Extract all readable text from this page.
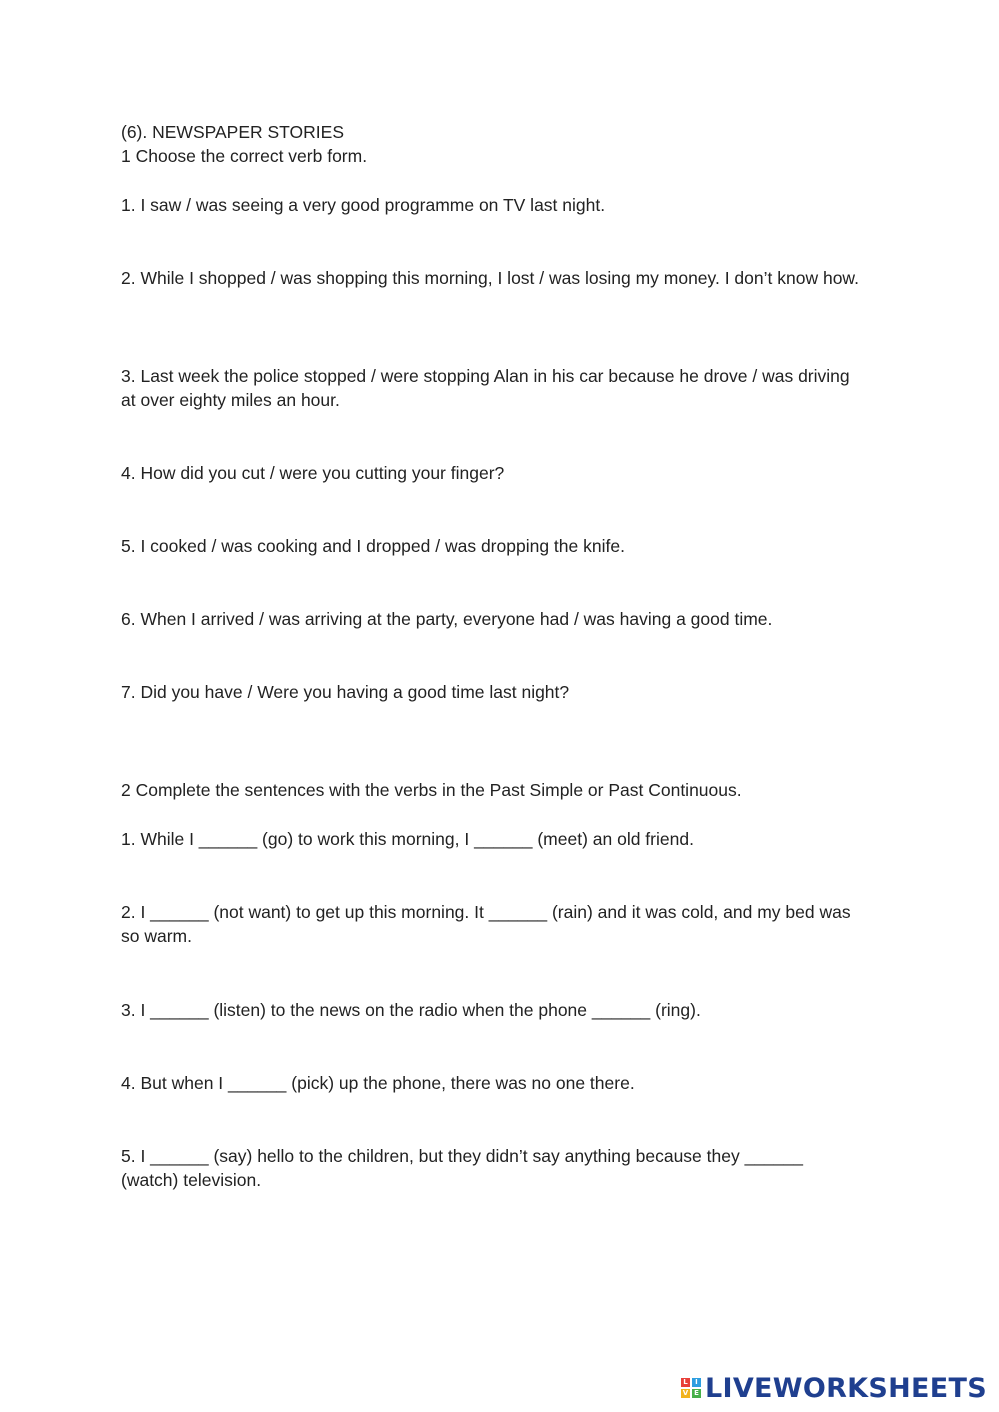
(6). NEWSPAPER STORIES
1 Choose the correct verb form.
1. I saw / was seeing a very good programme on TV last night.
2. While I shopped / was shopping this morning, I lost / was losing my money. I don’t know how.
3. Last week the police stopped / were stopping Alan in his car because he drove / was driving at over eighty miles an hour.
4. How did you cut / were you cutting your finger?
5. I cooked / was cooking and I dropped / was dropping the knife.
6. When I arrived / was arriving at the party, everyone had / was having a good time.
7. Did you have / Were you having a good time last night?
2 Complete the sentences with the verbs in the Past Simple or Past Continuous.
1. While I ______ (go) to work this morning, I ______ (meet) an old friend.
2. I ______ (not want) to get up this morning. It ______ (rain) and it was cold, and my bed was so warm.
3. I ______ (listen) to the news on the radio when the phone ______ (ring).
4. But when I ______ (pick) up the phone, there was no one there.
5. I ______ (say) hello to the children, but they didn’t say anything because they ______ (watch) television.
L	I
V E LIVEWORKSHEETS
